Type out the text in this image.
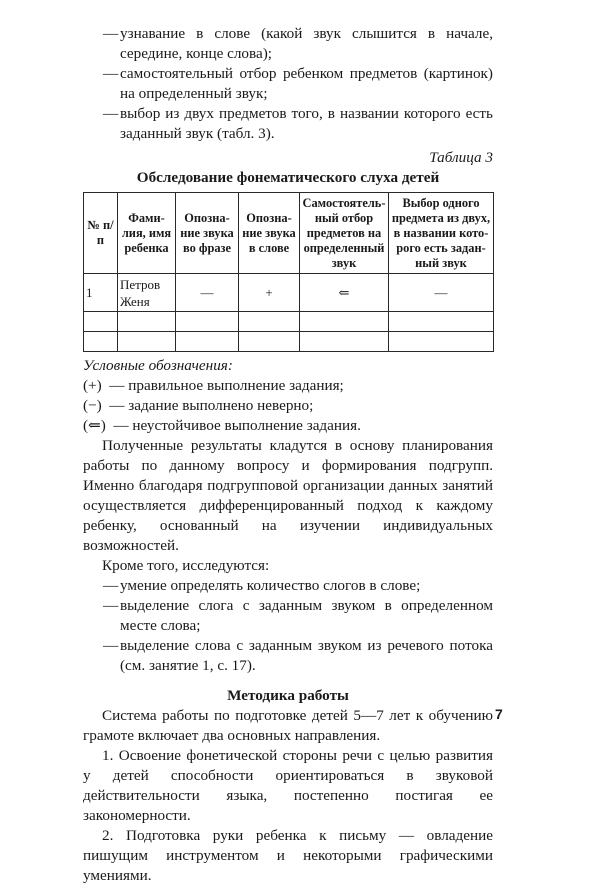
— узнавание в слове (какой звук слышится в начале, середине, конце слова);
— самостоятельный отбор ребенком предметов (картинок) на определенный звук;
— выбор из двух предметов того, в названии которого есть заданный звук (табл. 3).
Таблица 3
Обследование фонематического слуха детей
№ п/п	Фами-лия, имя ребенка	Опозна-ние звука во фразе	Опозна-ние звука в слове	Самостоятель-ный отбор предметов на определенный звук	Выбор одного предмета из двух, в названии кото-рого есть задан-ный звук
1	Петров Женя	—	+	⇐	—

Условные обозначения:
(+)  — правильное выполнение задания;
(−)  — задание выполнено неверно;
(⇐)  — неустойчивое выполнение задания.
Полученные результаты кладутся в основу планирования работы по данному вопросу и формирования подгрупп. Именно благодаря подгрупповой организации данных занятий осуществляется дифференцированный подход к каждому ребенку, основанный на изучении индивидуальных возможностей.
Кроме того, исследуются:
— умение определять количество слогов в слове;
— выделение слога с заданным звуком в определенном месте слова;
— выделение слова с заданным звуком из речевого потока (см. занятие 1, с. 17).
Методика работы
Система работы по подготовке детей 5—7 лет к обучению грамоте включает два основных направления.
1. Освоение фонетической стороны речи с целью развития у детей способности ориентироваться в звуковой действительности языка, постепенно постигая ее закономерности.
2. Подготовка руки ребенка к письму — овладение пишущим инструментом и некоторыми графическими умениями.
7
